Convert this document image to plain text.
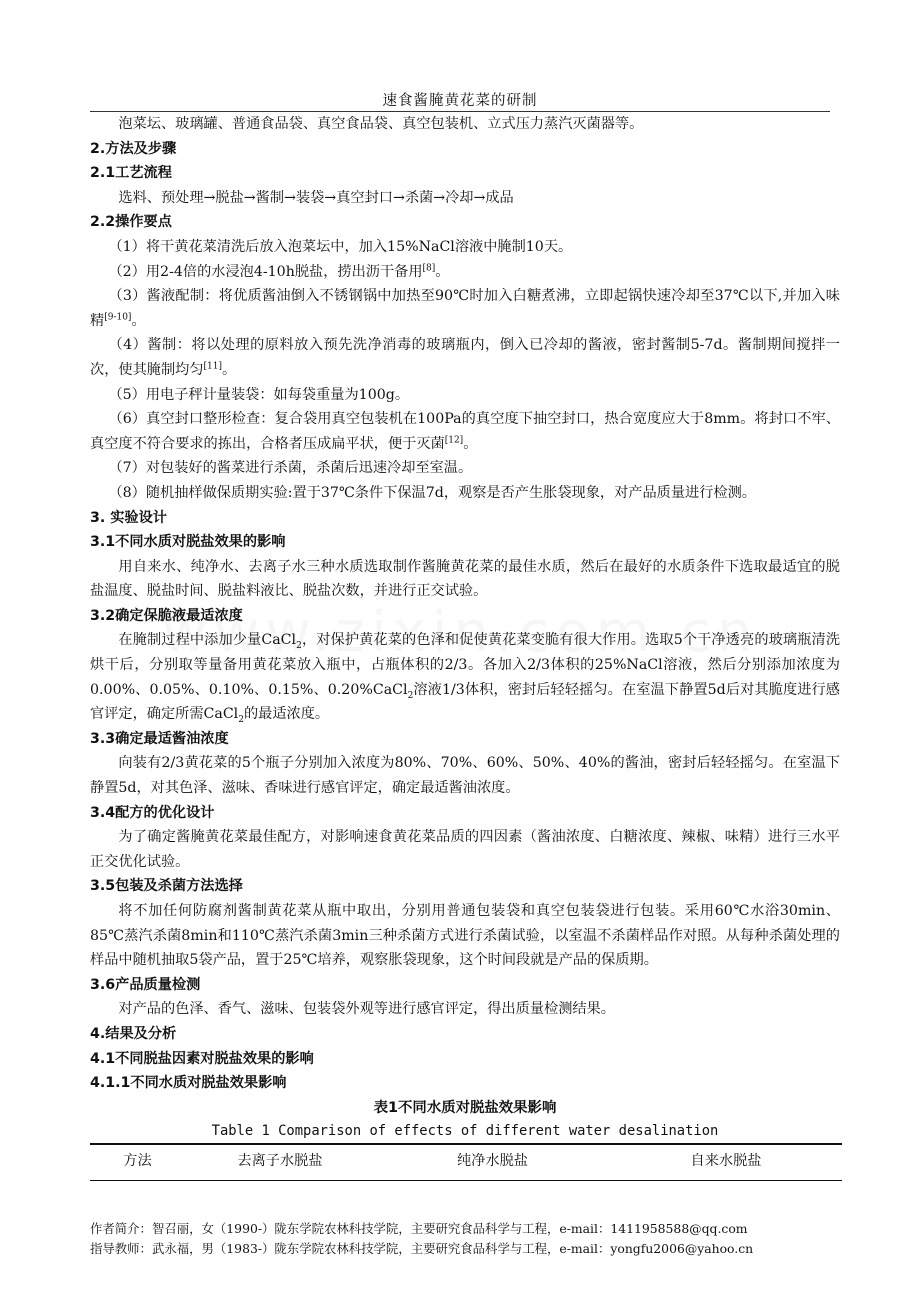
速食酱腌黄花菜的研制

泡菜坛、玻璃罐、普通食品袋、真空食品袋、真空包装机、立式压力蒸汽灭菌器等。

2.方法及步骤

2.1工艺流程

选料、预处理→脱盐→酱制→装袋→真空封口→杀菌→冷却→成品

2.2操作要点

（1）将干黄花菜清洗后放入泡菜坛中，加入15%NaCl溶液中腌制10天。

（2）用2-4倍的水浸泡4-10h脱盐，捞出沥干备用[8]。

（3）酱液配制：将优质酱油倒入不锈钢锅中加热至90℃时加入白糖煮沸，立即起锅快速冷却至37℃以下,并加入味精[9-10]。

（4）酱制：将以处理的原料放入预先洗净消毒的玻璃瓶内，倒入已冷却的酱液，密封酱制5-7d。酱制期间搅拌一次，使其腌制均匀[11]。

（5）用电子秤计量装袋：如每袋重量为100g。

（6）真空封口整形检查：复合袋用真空包装机在100Pa的真空度下抽空封口，热合宽度应大于8mm。将封口不牢、真空度不符合要求的拣出，合格者压成扁平状，便于灭菌[12]。

（7）对包装好的酱菜进行杀菌，杀菌后迅速冷却至室温。

（8）随机抽样做保质期实验:置于37℃条件下保温7d，观察是否产生胀袋现象，对产品质量进行检测。

3. 实验设计

3.1不同水质对脱盐效果的影响

用自来水、纯净水、去离子水三种水质选取制作酱腌黄花菜的最佳水质，然后在最好的水质条件下选取最适宜的脱盐温度、脱盐时间、脱盐料液比、脱盐次数，并进行正交试验。

3.2确定保脆液最适浓度

在腌制过程中添加少量CaCl$_2$，对保护黄花菜的色泽和促使黄花菜变脆有很大作用。选取5个干净透亮的玻璃瓶清洗烘干后，分别取等量备用黄花菜放入瓶中，占瓶体积的2/3。各加入2/3体积的25%NaCl溶液，然后分别添加浓度为0.00%、0.05%、0.10%、0.15%、0.20%CaCl$_2$溶液1/3体积，密封后轻轻摇匀。在室温下静置5d后对其脆度进行感官评定，确定所需CaCl$_2$的最适浓度。

3.3确定最适酱油浓度

向装有2/3黄花菜的5个瓶子分别加入浓度为80%、70%、60%、50%、40%的酱油，密封后轻轻摇匀。在室温下静置5d，对其色泽、滋味、香味进行感官评定，确定最适酱油浓度。

3.4配方的优化设计

为了确定酱腌黄花菜最佳配方，对影响速食黄花菜品质的四因素（酱油浓度、白糖浓度、辣椒、味精）进行三水平正交优化试验。

3.5包装及杀菌方法选择

将不加任何防腐剂酱制黄花菜从瓶中取出，分别用普通包装袋和真空包装袋进行包装。采用60℃水浴30min、85℃蒸汽杀菌8min和110℃蒸汽杀菌3min三种杀菌方式进行杀菌试验，以室温不杀菌样品作对照。从每种杀菌处理的样品中随机抽取5袋产品，置于25℃培养，观察胀袋现象，这个时间段就是产品的保质期。

3.6产品质量检测

对产品的色泽、香气、滋味、包装袋外观等进行感官评定，得出质量检测结果。

4.结果及分析

4.1不同脱盐因素对脱盐效果的影响

4.1.1不同水质对脱盐效果影响

表1不同水质对脱盐效果影响

Table 1 Comparison of effects of different water desalination

方法	去离子水脱盐	纯净水脱盐	自来水脱盐
作者简介：智召丽，女（1990-）陇东学院农林科技学院，主要研究食品科学与工程，e-mail：1411958588@qq.com
指导教师：武永福，男（1983-）陇东学院农林科技学院，主要研究食品科学与工程，e-mail：yongfu2006@yahoo.cn
